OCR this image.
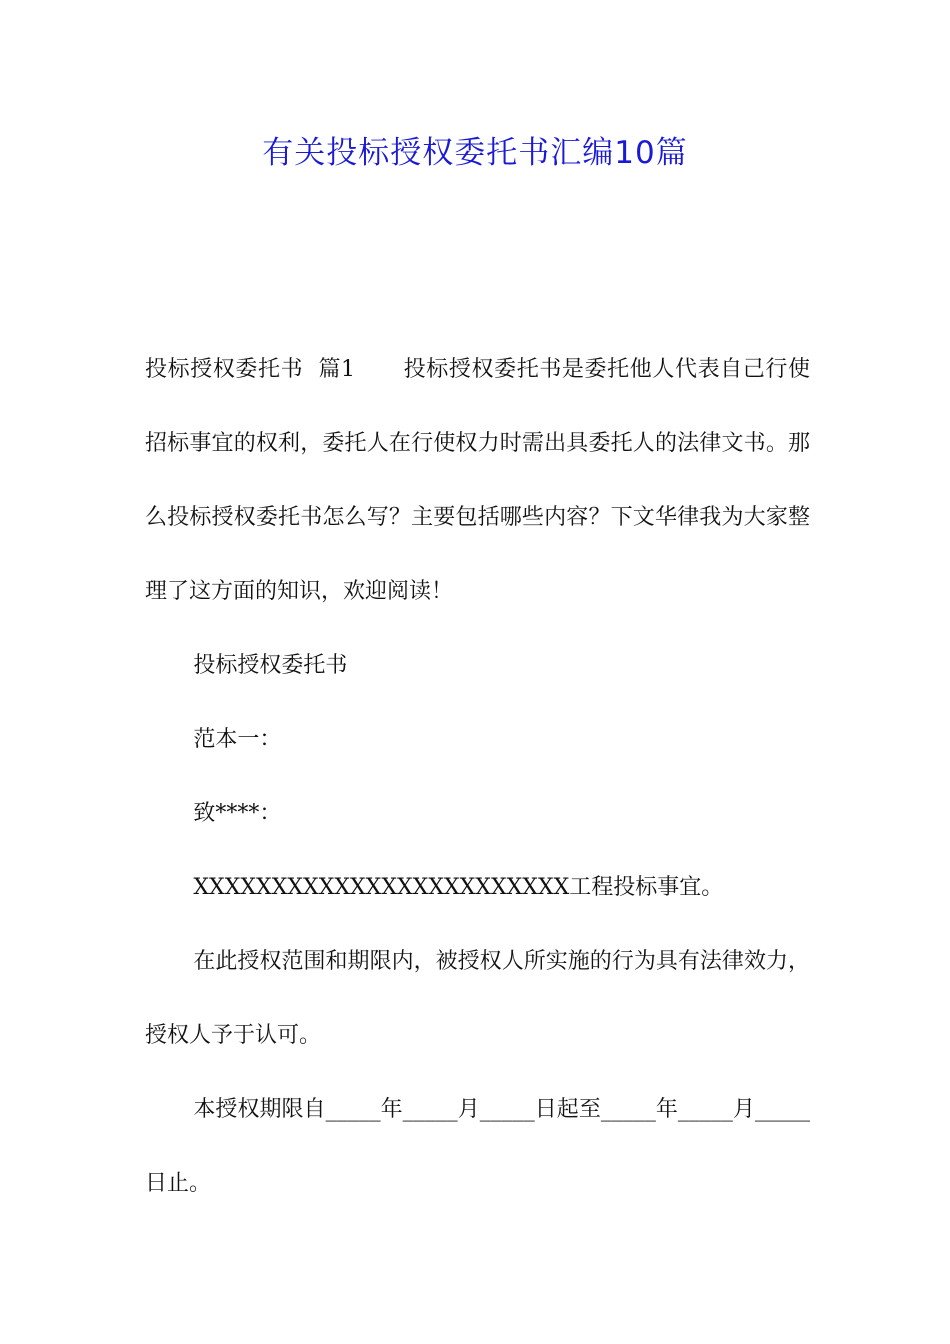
有关投标授权委托书汇编10篇

投标授权委托书  篇1 投标授权委托书是委托他人代表自己行使招标事宜的权利，委托人在行使权力时需出具委托人的法律文书。那么投标授权委托书怎么写？主要包括哪些内容？下文华律我为大家整理了这方面的知识，欢迎阅读！

投标授权委托书

范本一：

致****：

XXXXXXXXXXXXXXXXXXXXXXXX工程投标事宜。

在此授权范围和期限内，被授权人所实施的行为具有法律效力，授权人予于认可。

本授权期限自_____年_____月_____日起至_____年_____月_____日止。
